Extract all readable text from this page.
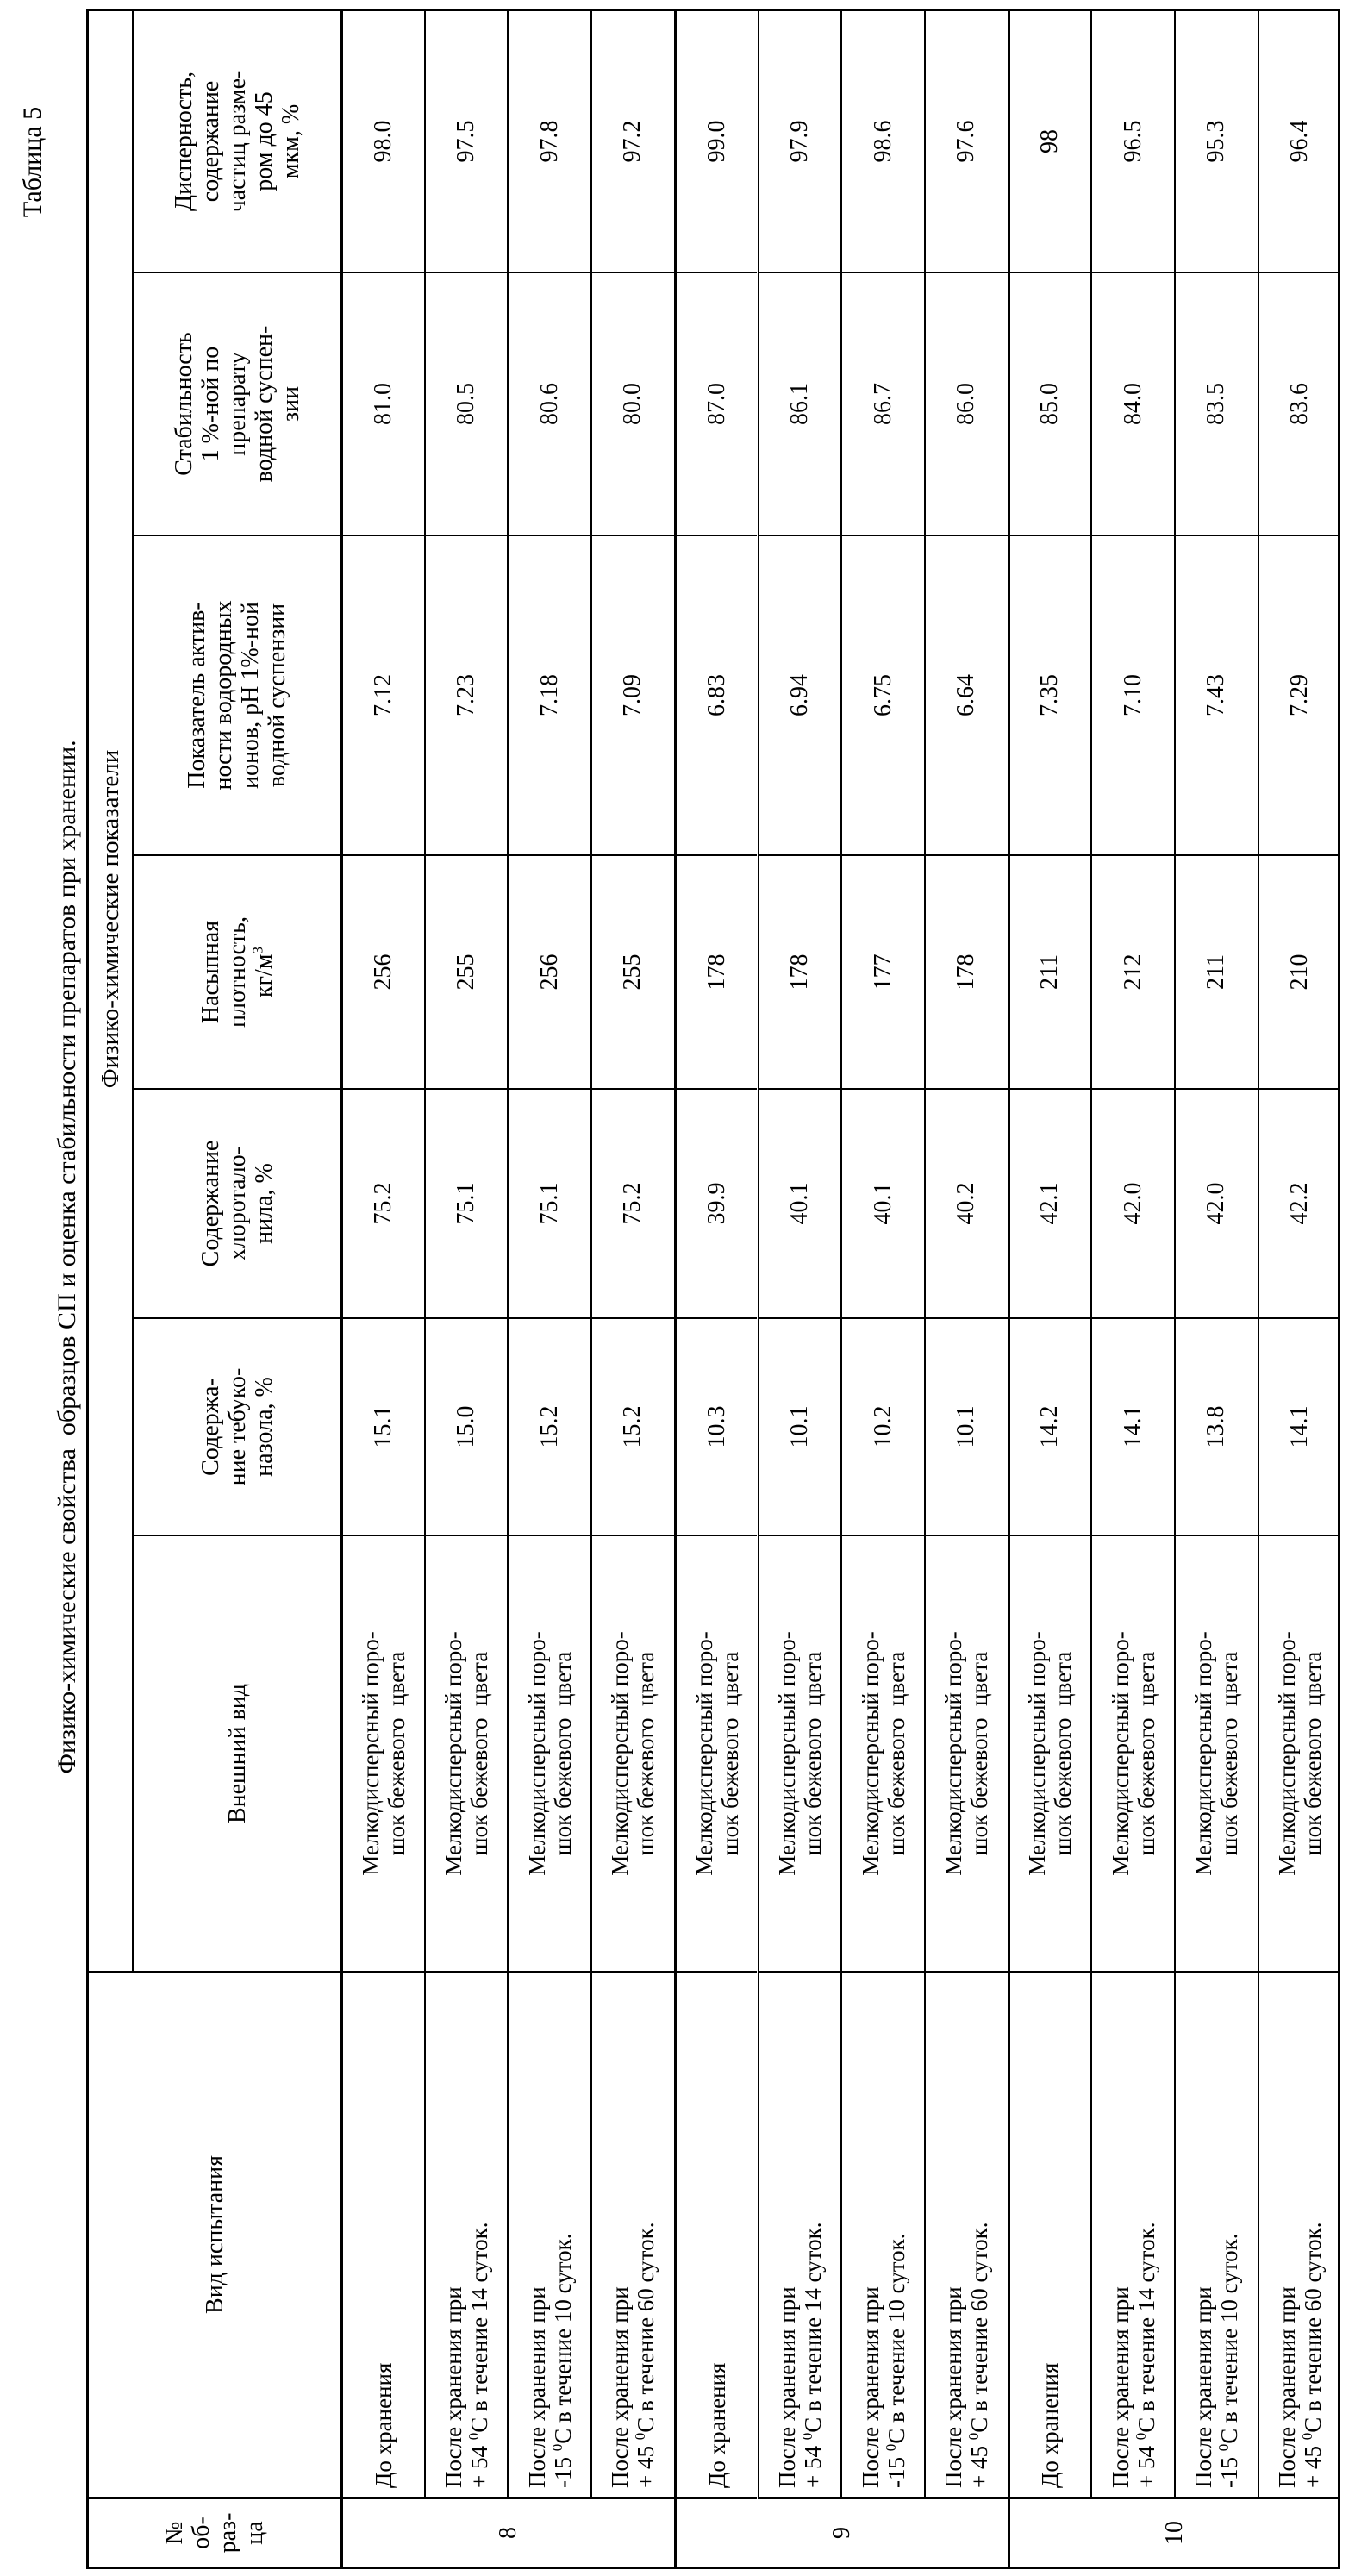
Таблица 5
Физико-химические свойства  образцов СП и оценка стабильности препаратов при хранении.
№ об- раз- ца
Вид испытания
Физико-химические показатели
Внешний вид
Содержа- ние тебуко- назола, %
Содержание хлороталo- нила, %
Насыпная плотность, кг/м3
Показатель актив- ности водородных ионов, рН 1%-ной водной суспензии
Стабильность 1 %-ной по препарату водной суспен- зии
Дисперность, содержание частиц разме- ром до 45 мкм, %
8
До хранения
Мелкодисперсный поро- шок бежевого  цвета
15.1
75.2
256
7.12
81.0
98.0
После хранения при + 54 0C в течение 14 суток.
Мелкодисперсный поро- шок бежевого  цвета
15.0
75.1
255
7.23
80.5
97.5
После хранения при -15 0C в течение 10 суток.
Мелкодисперсный поро- шок бежевого  цвета
15.2
75.1
256
7.18
80.6
97.8
После хранения при + 45 0C в течение 60 суток.
Мелкодисперсный поро- шок бежевого  цвета
15.2
75.2
255
7.09
80.0
97.2
9
До хранения
Мелкодисперсный поро- шок бежевого  цвета
10.3
39.9
178
6.83
87.0
99.0
После хранения при + 54 0C в течение 14 суток.
Мелкодисперсный поро- шок бежевого  цвета
10.1
40.1
178
6.94
86.1
97.9
После хранения при -15 0C в течение 10 суток.
Мелкодисперсный поро- шок бежевого  цвета
10.2
40.1
177
6.75
86.7
98.6
После хранения при + 45 0C в течение 60 суток.
Мелкодисперсный поро- шок бежевого  цвета
10.1
40.2
178
6.64
86.0
97.6
10
До хранения
Мелкодисперсный поро- шок бежевого  цвета
14.2
42.1
211
7.35
85.0
98
После хранения при + 54 0C в течение 14 суток.
Мелкодисперсный поро- шок бежевого  цвета
14.1
42.0
212
7.10
84.0
96.5
После хранения при -15 0C в течение 10 суток.
Мелкодисперсный поро- шок бежевого  цвета
13.8
42.0
211
7.43
83.5
95.3
После хранения при + 45 0C в течение 60 суток.
Мелкодисперсный поро- шок бежевого  цвета
14.1
42.2
210
7.29
83.6
96.4
